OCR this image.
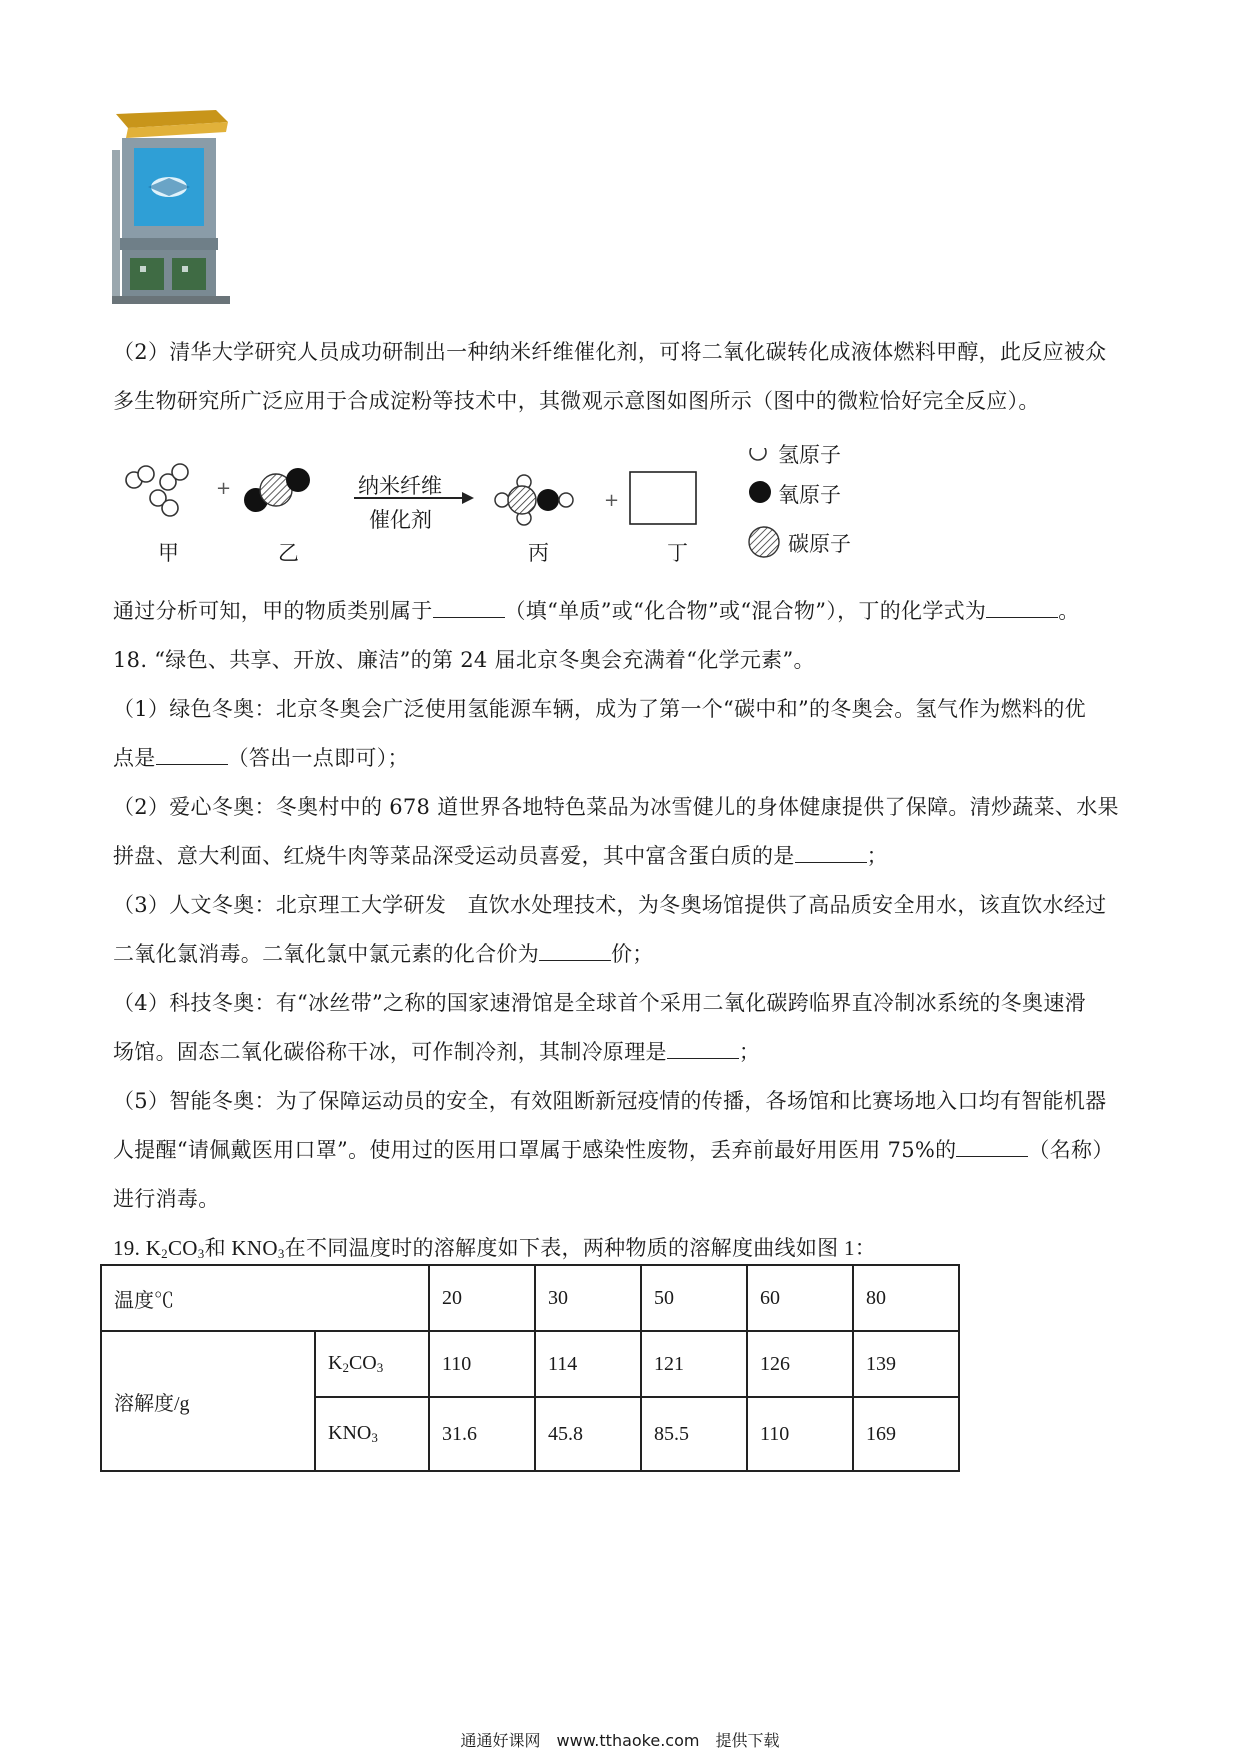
（2）清华大学研究人员成功研制出一种纳米纤维催化剂，可将二氧化碳转化成液体燃料甲醇，此反应被众
多生物研究所广泛应用于合成淀粉等技术中，其微观示意图如图所示（图中的微粒恰好完全反应）。
+
+
甲	乙	丙	丁
纳米纤维
催化剂
氢原子
氧原子
碳原子
通过分析可知，甲的物质类别属于	（填“单质”或“化合物”或“混合物”），丁的化学式为	。
18. “绿色、共享、开放、廉洁”的第 24 届北京冬奥会充满着“化学元素”。
（1）绿色冬奥：北京冬奥会广泛使用氢能源车辆，成为了第一个“碳中和”的冬奥会。氢气作为燃料的优
点是	（答出一点即可）；
（2）爱心冬奥：冬奥村中的 678 道世界各地特色菜品为冰雪健儿的身体健康提供了保障。清炒蔬菜、水果
拼盘、意大利面、红烧牛肉等菜品深受运动员喜爱，其中富含蛋白质的是	；
（3）人文冬奥：北京理工大学研发　直饮水处理技术，为冬奥场馆提供了高品质安全用水，该直饮水经过
二氧化氯消毒。二氧化氯中氯元素的化合价为	价；
（4）科技冬奥：有“冰丝带”之称的国家速滑馆是全球首个采用二氧化碳跨临界直冷制冰系统的冬奥速滑
场馆。固态二氧化碳俗称干冰，可作制冷剂，其制冷原理是	；
（5）智能冬奥：为了保障运动员的安全，有效阻断新冠疫情的传播，各场馆和比赛场地入口均有智能机器
人提醒“请佩戴医用口罩”。使用过的医用口罩属于感染性废物，丢弃前最好用医用 75%的	（名称）
进行消毒。
19. $K_2CO_3$和 $KNO_3$在不同温度时的溶解度如下表，两种物质的溶解度曲线如图 1：
温度℃		20	30	50	60	80
溶解度/g	$K_2CO_3$	110	114	121	126	139
	$KNO_3$	31.6	45.8	85.5	110	169
通通好课网　www.tthaoke.com　提供下载
